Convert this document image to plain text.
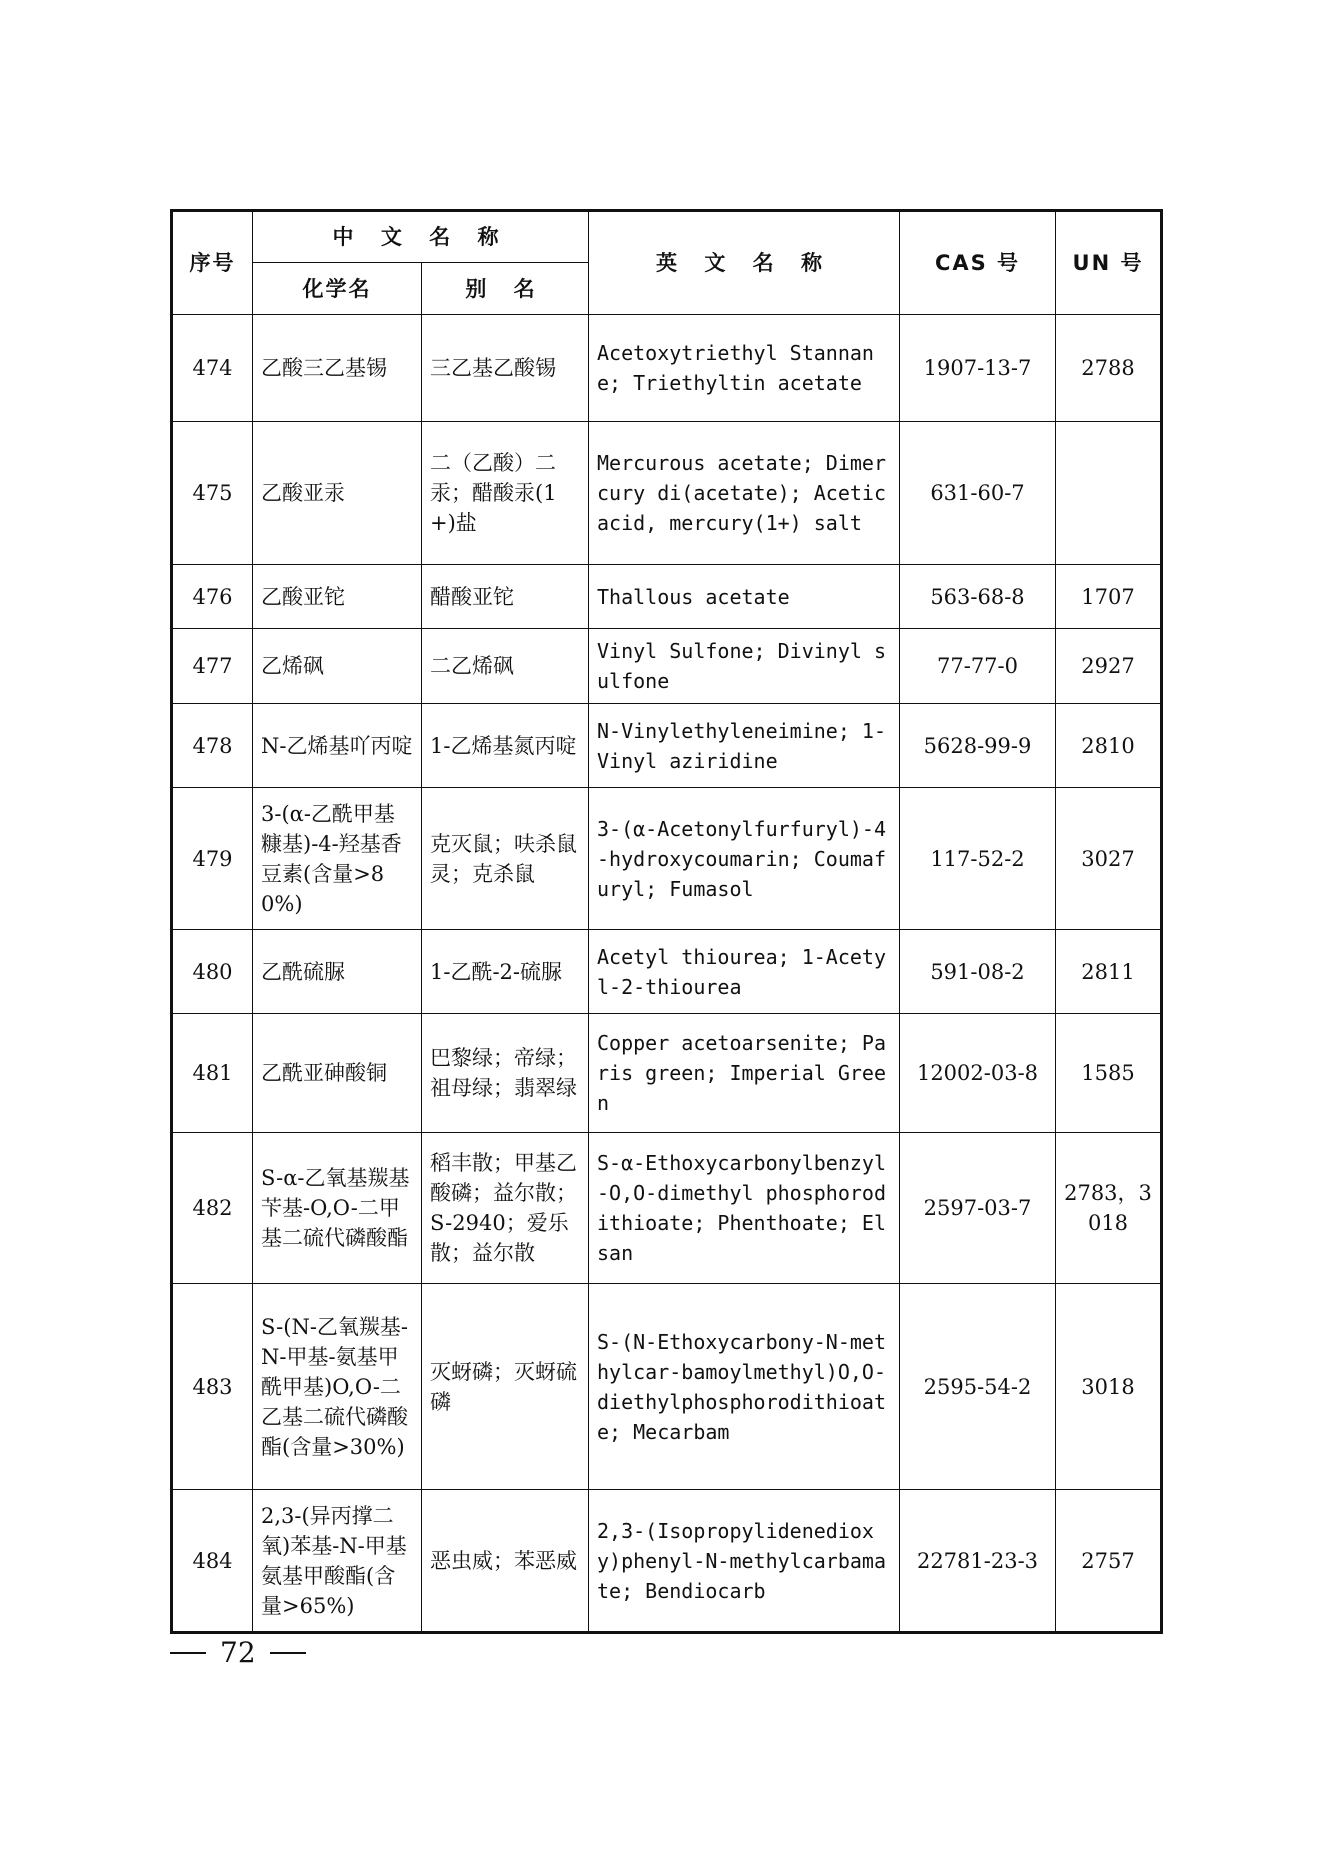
序号	中 文 名 称		英 文 名 称	CAS 号	UN 号
	化学名	别 名			
474	乙酸三乙基锡	三乙基乙酸锡	Acetoxytriethyl Stannane; Triethyltin acetate	1907-13-7	2788
475	乙酸亚汞	二（乙酸）二汞；醋酸汞(1+)盐	Mercurous acetate; Dimercury di(acetate); Acetic acid, mercury(1+) salt	631-60-7	
476	乙酸亚铊	醋酸亚铊	Thallous acetate	563-68-8	1707
477	乙烯砜	二乙烯砜	Vinyl Sulfone; Divinyl sulfone	77-77-0	2927
478	N-乙烯基吖丙啶	1-乙烯基氮丙啶	N-Vinylethyleneimine; 1-Vinyl aziridine	5628-99-9	2810
479	3-(α-乙酰甲基糠基)-4-羟基香豆素(含量>80%)	克灭鼠；呋杀鼠灵；克杀鼠	3-(α-Acetonylfurfuryl)-4-hydroxycoumarin; Coumafuryl; Fumasol	117-52-2	3027
480	乙酰硫脲	1-乙酰-2-硫脲	Acetyl thiourea; 1-Acetyl-2-thiourea	591-08-2	2811
481	乙酰亚砷酸铜	巴黎绿；帝绿；祖母绿；翡翠绿	Copper acetoarsenite; Paris green; Imperial Green	12002-03-8	1585
482	S-α-乙氧基羰基苄基-O,O-二甲基二硫代磷酸酯	稻丰散；甲基乙酸磷；益尔散；S-2940；爱乐散；益尔散	S-α-Ethoxycarbonylbenzyl-O,O-dimethyl phosphorodithioate; Phenthoate; Elsan	2597-03-7	2783，3018
483	S-(N-乙氧羰基-N-甲基-氨基甲酰甲基)O,O-二乙基二硫代磷酸酯(含量>30%)	灭蚜磷；灭蚜硫磷	S-(N-Ethoxycarbony-N-methylcar-bamoylmethyl)O,O-diethylphosphorodithioate; Mecarbam	2595-54-2	3018
484	2,3-(异丙撑二氧)苯基-N-甲基氨基甲酸酯(含量>65%)	恶虫威；苯恶威	2,3-(Isopropylidenedioxy)phenyl-N-methylcarbamate; Bendiocarb	22781-23-3	2757
72
